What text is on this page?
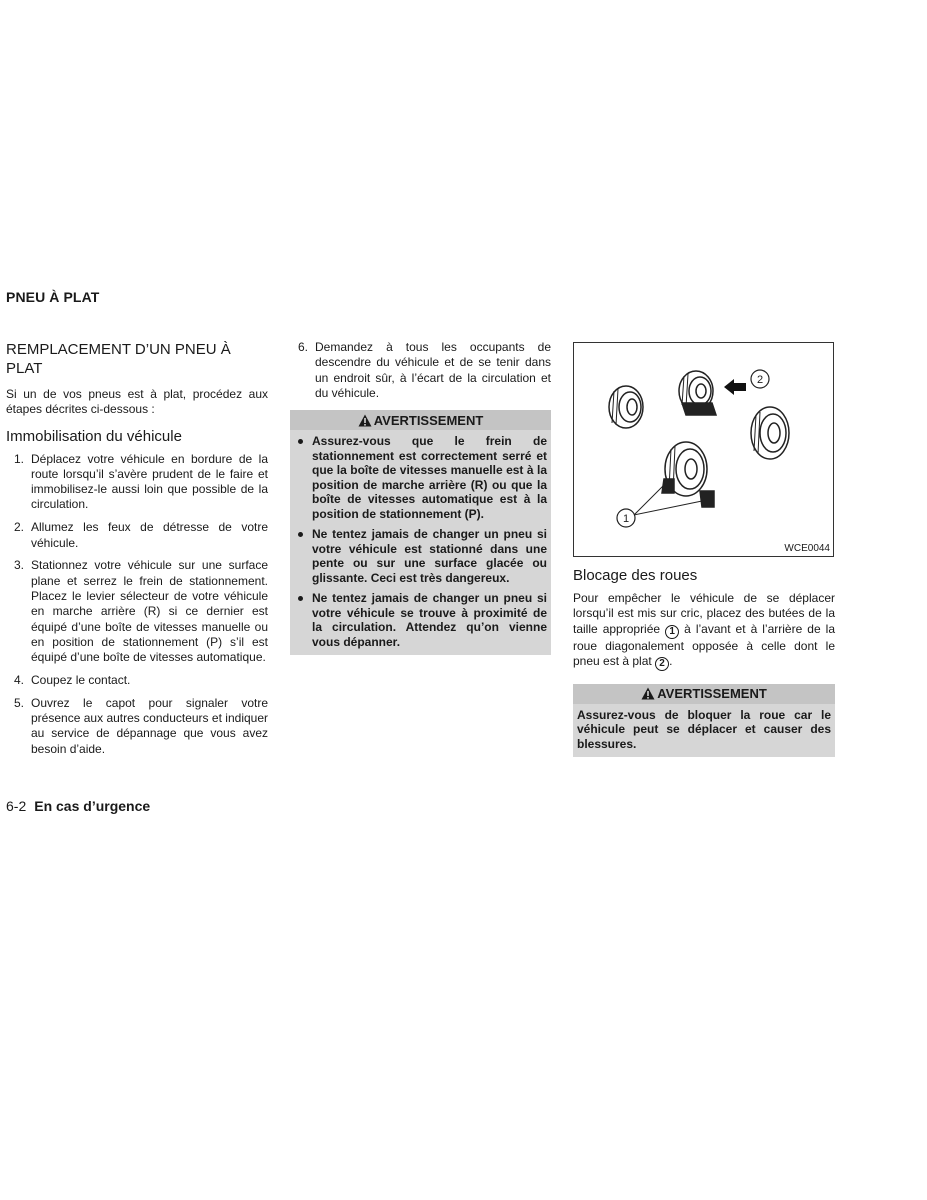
PNEU À PLAT
REMPLACEMENT D’UN PNEU À PLAT

Si un de vos pneus est à plat, procédez aux étapes décrites ci-dessous :

Immobilisation du véhicule
1. Déplacez votre véhicule en bordure de la route lorsqu’il s’avère prudent de le faire et immobilisez-le aussi loin que possible de la circulation.
2. Allumez les feux de détresse de votre véhicule.
3. Stationnez votre véhicule sur une surface plane et serrez le frein de stationnement. Placez le levier sélecteur de votre véhicule en marche arrière (R) si ce dernier est équipé d’une boîte de vitesses manuelle ou en position de stationnement (P) s’il est équipé d’une boîte de vitesses automatique.
4. Coupez le contact.
5. Ouvrez le capot pour signaler votre présence aux autres conducteurs et indiquer au service de dépannage que vous avez besoin d’aide.
6. Demandez à tous les occupants de descendre du véhicule et de se tenir dans un endroit sûr, à l’écart de la circulation et du véhicule.
AVERTISSEMENT
Assurez-vous que le frein de stationnement est correctement serré et que la boîte de vitesses manuelle est à la position de marche arrière (R) ou que la boîte de vitesses automatique est à la position de stationnement (P).
Ne tentez jamais de changer un pneu si votre véhicule est stationné dans une pente ou sur une surface glacée ou glissante. Ceci est très dangereux.
Ne tentez jamais de changer un pneu si votre véhicule se trouve à proximité de la circulation. Attendez qu’on vienne vous dépanner.
1
2
WCE0044
Blocage des roues

Pour empêcher le véhicule de se déplacer lorsqu’il est mis sur cric, placez des butées de la taille appropriée 1 à l’avant et à l’arrière de la roue diagonalement opposée à celle dont le pneu est à plat 2 .

AVERTISSEMENT
Assurez-vous de bloquer la roue car le véhicule peut se déplacer et causer des blessures.
6-2 En cas d’urgence
